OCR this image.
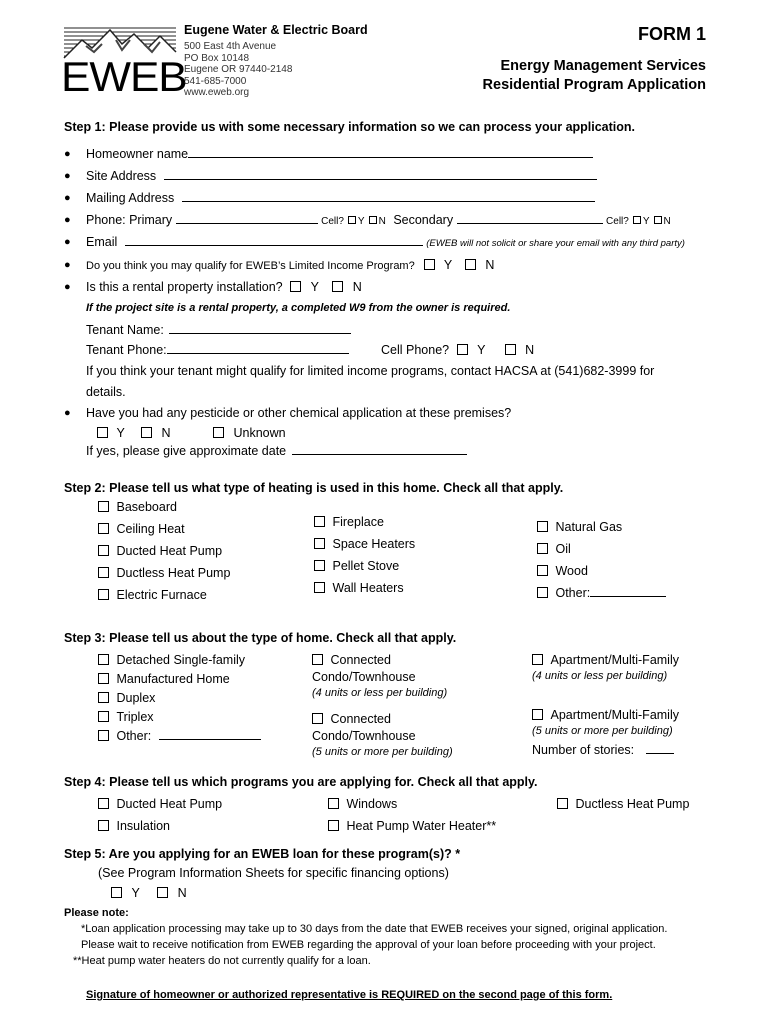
EWEB
Eugene Water & Electric Board
500 East 4th Avenue
PO Box 10148
Eugene OR 97440-2148
541-685-7000
www.eweb.org
FORM 1
Energy Management Services
Residential Program Application
Step 1: Please provide us with some necessary information so we can process your application.
● Homeowner name
● Site Address
● Mailing Address
● Phone: Primary	Cell? Y N Secondary	Cell? Y N
● Email	(EWEB will not solicit or share your email with any third party)
● Do you think you may qualify for EWEB’s Limited Income Program? Y	N
● Is this a rental property installation? Y	N
If the project site is a rental property, a completed W9 from the owner is required.
Tenant Name:
Tenant Phone:	Cell Phone? Y	N
If you think your tenant might qualify for limited income programs, contact HACSA at (541)682-3999 for
details.
● Have you had any pesticide or other chemical application at these premises?
Y	N	Unknown
If yes, please give approximate date
Step 2: Please tell us what type of heating is used in this home. Check all that apply.
Baseboard
Ceiling Heat
Ducted Heat Pump
Ductless Heat Pump
Electric Furnace
Fireplace
Space Heaters
Pellet Stove
Wall Heaters
Natural Gas
Oil
Wood
Other:
Step 3: Please tell us about the type of home. Check all that apply.
Detached Single-family
Manufactured Home
Duplex
Triplex
Other:
Connected
Condo/Townhouse
(4 units or less per building)
Connected
Condo/Townhouse
(5 units or more per building)
Apartment/Multi-Family
(4 units or less per building)
Apartment/Multi-Family
(5 units or more per building)
Number of stories:
Step 4: Please tell us which programs you are applying for. Check all that apply.
Ducted Heat Pump
Insulation
Windows
Heat Pump Water Heater**
Ductless Heat Pump
Step 5: Are you applying for an EWEB loan for these program(s)? *
(See Program Information Sheets for specific financing options)
Y	N
Please note:
*Loan application processing may take up to 30 days from the date that EWEB receives your signed, original application.
Please wait to receive notification from EWEB regarding the approval of your loan before proceeding with your project.
**Heat pump water heaters do not currently qualify for a loan.
Signature of homeowner or authorized representative is REQUIRED on the second page of this form.
